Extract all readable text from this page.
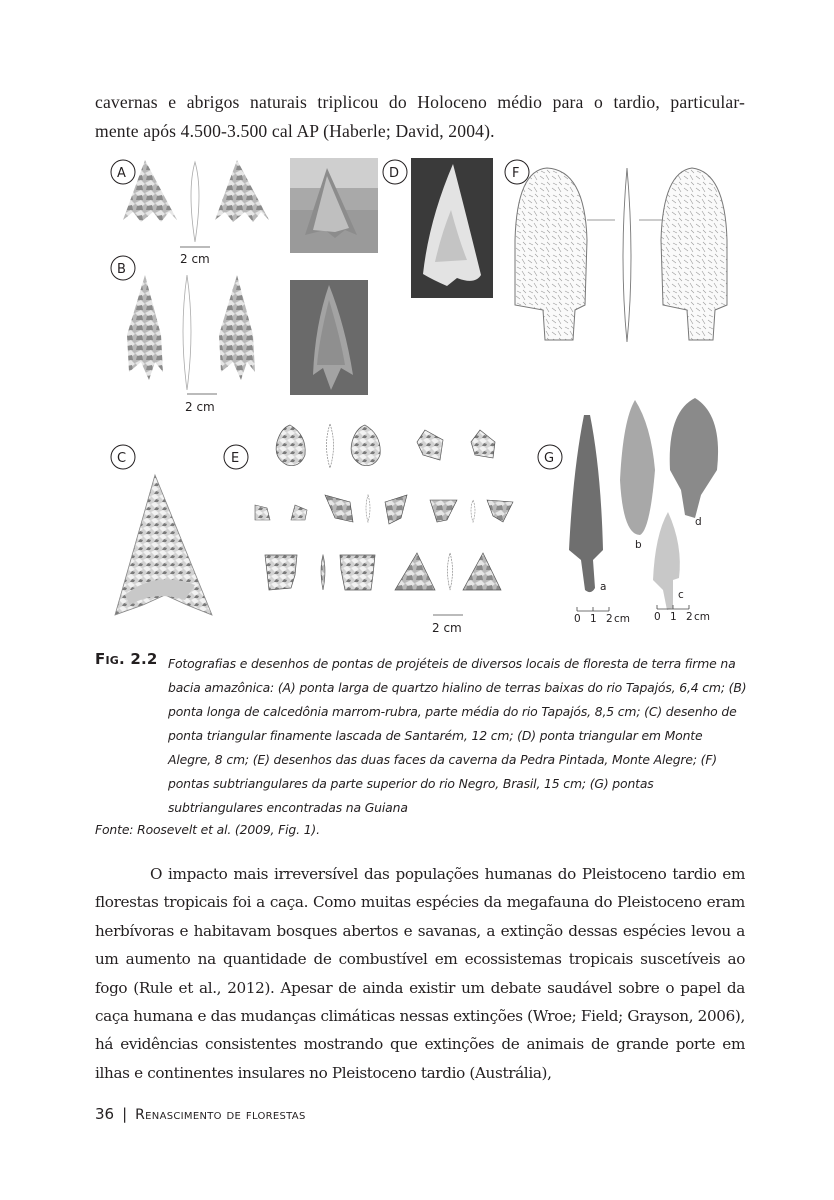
cavernas e abrigos naturais triplicou do Holoceno médio para o tardio, particular-
mente após 4.500-3.500 cal AP (Haberle; David, 2004).
A
2 cm
B
2 cm
D	F
C	E
2 cm
G
a
b
d
c
0 1 2 cm 0 1 2 cm
Fig. 2.2 Fotografias e desenhos de pontas de projéteis de diversos locais de floresta de terra firme na bacia amazônica: (A) ponta larga de quartzo hialino de terras baixas do rio Tapajós, 6,4 cm; (B) ponta longa de calcedônia marrom-rubra, parte média do rio Tapajós, 8,5 cm; (C) desenho de ponta triangular finamente lascada de Santarém, 12 cm; (D) ponta triangular em Monte Alegre, 8 cm; (E) desenhos das duas faces da caverna da Pedra Pintada, Monte Alegre; (F) pontas subtriangulares da parte superior do rio Negro, Brasil, 15 cm; (G) pontas subtriangulares encontradas na Guiana
Fonte: Roosevelt et al. (2009, Fig. 1).
O impacto mais irreversível das populações humanas do Pleistoceno tardio em florestas tropicais foi a caça. Como muitas espécies da megafauna do Pleistoceno eram herbívoras e habitavam bosques abertos e savanas, a extinção dessas espécies levou a um aumento na quantidade de combustível em ecossistemas tropicais suscetíveis ao fogo (Rule et al., 2012). Apesar de ainda existir um debate saudável sobre o papel da caça humana e das mudanças climáticas nessas extinções (Wroe; Field; Grayson, 2006), há evidências consistentes mostrando que extinções de animais de grande porte em ilhas e continentes insulares no Pleistoceno tardio (Austrália),
36 | Renascimento de florestas
